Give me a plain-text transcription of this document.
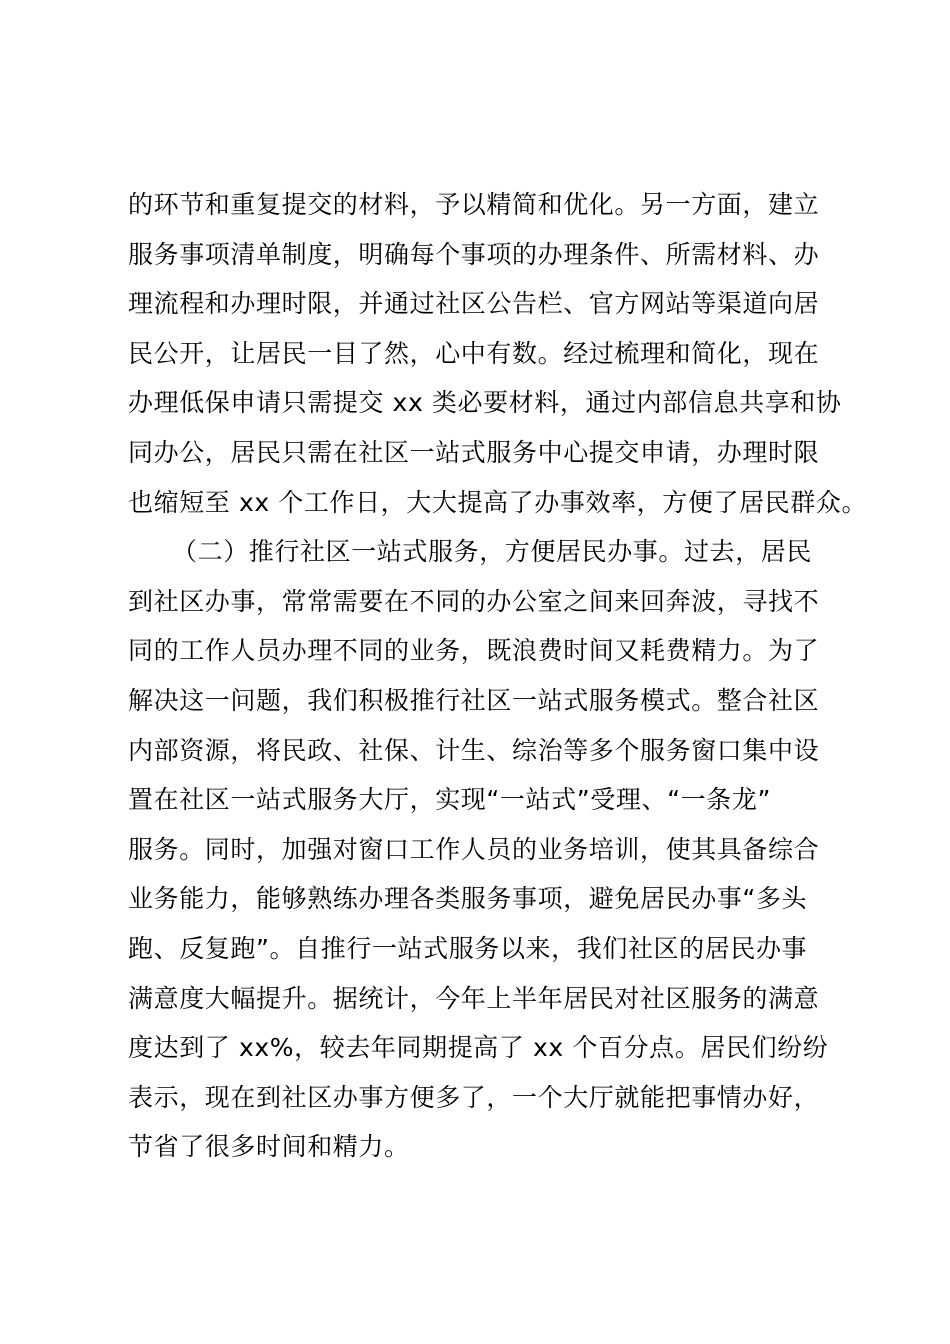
的环节和重复提交的材料，予以精简和优化。另一方面，建立
服务事项清单制度，明确每个事项的办理条件、所需材料、办
理流程和办理时限，并通过社区公告栏、官方网站等渠道向居
民公开，让居民一目了然，心中有数。经过梳理和简化，现在
办理低保申请只需提交 xx 类必要材料，通过内部信息共享和协
同办公，居民只需在社区一站式服务中心提交申请，办理时限
也缩短至 xx 个工作日，大大提高了办事效率，方便了居民群众。
（二）推行社区一站式服务，方便居民办事。过去，居民
到社区办事，常常需要在不同的办公室之间来回奔波，寻找不
同的工作人员办理不同的业务，既浪费时间又耗费精力。为了
解决这一问题，我们积极推行社区一站式服务模式。整合社区
内部资源，将民政、社保、计生、综治等多个服务窗口集中设
置在社区一站式服务大厅，实现“一站式”受理、“一条龙”
服务。同时，加强对窗口工作人员的业务培训，使其具备综合
业务能力，能够熟练办理各类服务事项，避免居民办事“多头
跑、反复跑”。自推行一站式服务以来，我们社区的居民办事
满意度大幅提升。据统计，今年上半年居民对社区服务的满意
度达到了 xx%，较去年同期提高了 xx 个百分点。居民们纷纷
表示，现在到社区办事方便多了，一个大厅就能把事情办好，
节省了很多时间和精力。
